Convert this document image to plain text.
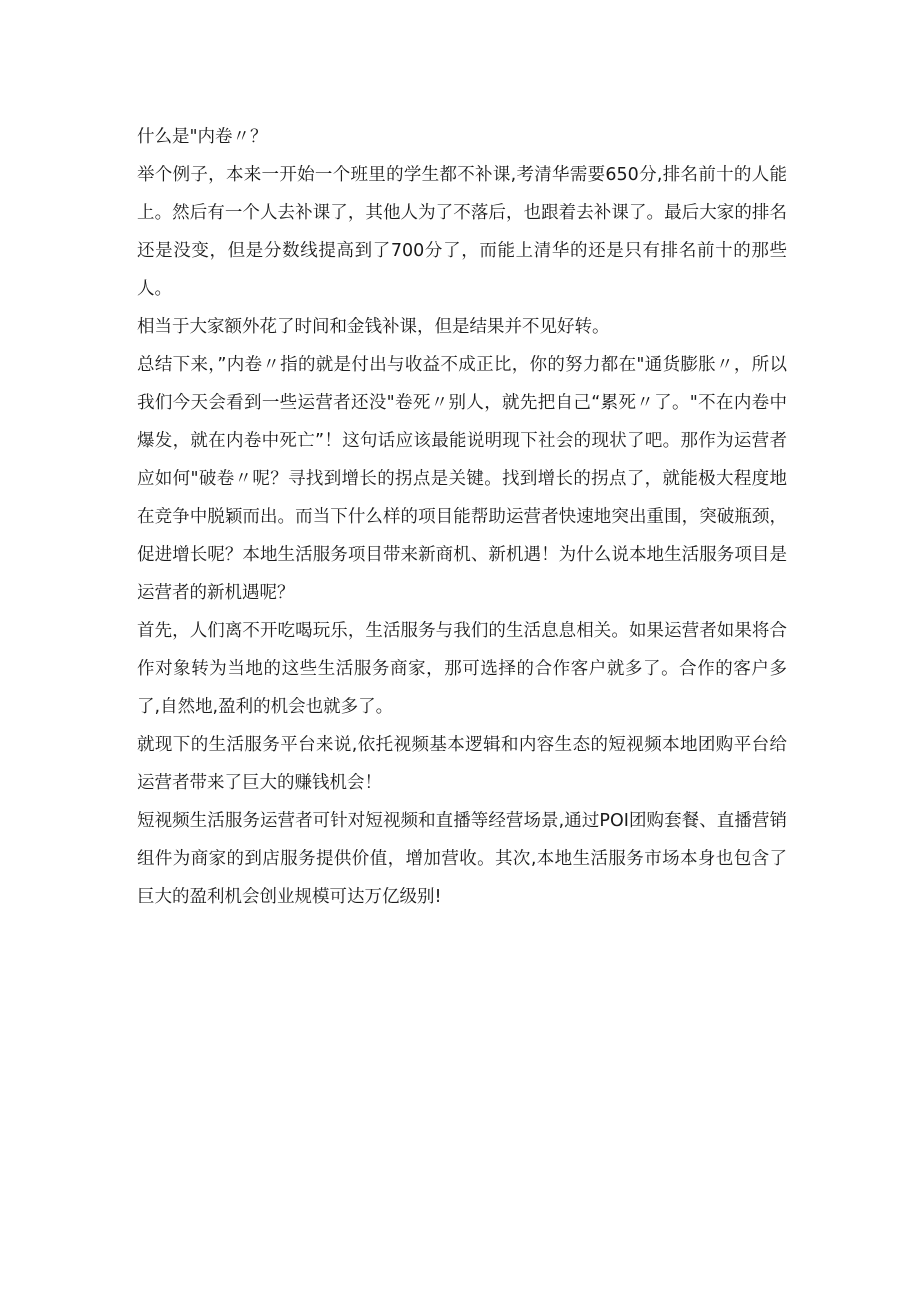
什么是"内卷〃？

举个例子，本来一开始一个班里的学生都不补课,考清华需要650分,排名前十的人能上。然后有一个人去补课了，其他人为了不落后，也跟着去补课了。最后大家的排名还是没变，但是分数线提高到了700分了，而能上清华的还是只有排名前十的那些人。

相当于大家额外花了时间和金钱补课，但是结果并不见好转。

总结下来，”内卷〃指的就是付出与收益不成正比，你的努力都在"通货膨胀〃，所以我们今天会看到一些运营者还没"卷死〃别人，就先把自己“累死〃了。"不在内卷中爆发，就在内卷中死亡”！这句话应该最能说明现下社会的现状了吧。那作为运营者应如何"破卷〃呢？寻找到增长的拐点是关键。找到增长的拐点了，就能极大程度地在竞争中脱颖而出。而当下什么样的项目能帮助运营者快速地突出重围，突破瓶颈，促进增长呢？本地生活服务项目带来新商机、新机遇！为什么说本地生活服务项目是运营者的新机遇呢？

首先，人们离不开吃喝玩乐，生活服务与我们的生活息息相关。如果运营者如果将合作对象转为当地的这些生活服务商家，那可选择的合作客户就多了。合作的客户多了,自然地,盈利的机会也就多了。

就现下的生活服务平台来说,依托视频基本逻辑和内容生态的短视频本地团购平台给运营者带来了巨大的赚钱机会！

短视频生活服务运营者可针对短视频和直播等经营场景,通过POI团购套餐、直播营销组件为商家的到店服务提供价值，增加营收。其次,本地生活服务市场本身也包含了巨大的盈利机会创业规模可达万亿级别!
